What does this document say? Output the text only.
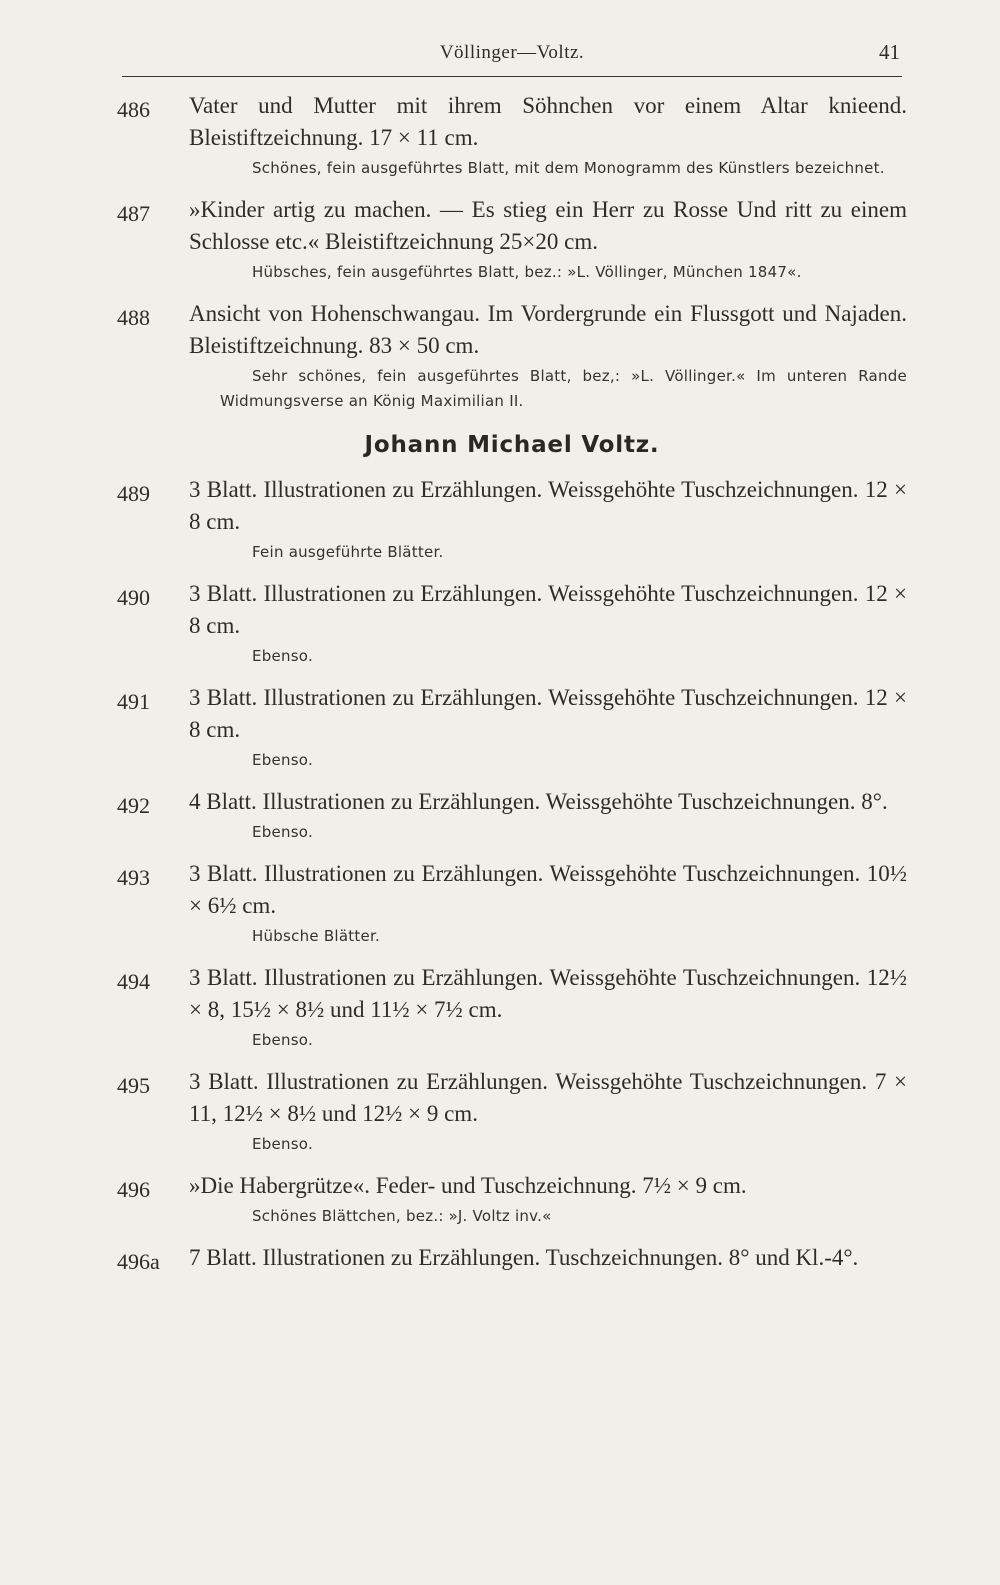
Völlinger—Voltz.	41
486	Vater und Mutter mit ihrem Söhnchen vor einem Altar knieend. Bleistiftzeichnung. 17 × 11 cm.
Schönes, fein ausgeführtes Blatt, mit dem Monogramm des Künstlers bezeichnet.
487	»Kinder artig zu machen. — Es stieg ein Herr zu Rosse Und ritt zu einem Schlosse etc.« Bleistiftzeichnung 25×20 cm.
Hübsches, fein ausgeführtes Blatt, bez.: »L. Völlinger, München 1847«.
488	Ansicht von Hohenschwangau. Im Vordergrunde ein Flussgott und Najaden. Bleistiftzeichnung. 83 × 50 cm.
Sehr schönes, fein ausgeführtes Blatt, bez,: »L. Völlinger.« Im unteren Rande Widmungsverse an König Maximilian II.
Johann Michael Voltz.
489	3 Blatt. Illustrationen zu Erzählungen. Weissgehöhte Tuschzeichnungen. 12 × 8 cm.
Fein ausgeführte Blätter.
490	3 Blatt. Illustrationen zu Erzählungen. Weissgehöhte Tuschzeichnungen. 12 × 8 cm.
Ebenso.
491	3 Blatt. Illustrationen zu Erzählungen. Weissgehöhte Tuschzeichnungen. 12 × 8 cm.
Ebenso.
492	4 Blatt. Illustrationen zu Erzählungen. Weissgehöhte Tuschzeichnungen. 8°.
Ebenso.
493	3 Blatt. Illustrationen zu Erzählungen. Weissgehöhte Tuschzeichnungen. 10½ × 6½ cm.
Hübsche Blätter.
494	3 Blatt. Illustrationen zu Erzählungen. Weissgehöhte Tuschzeichnungen. 12½ × 8, 15½ × 8½ und 11½ × 7½ cm.
Ebenso.
495	3 Blatt. Illustrationen zu Erzählungen. Weissgehöhte Tuschzeichnungen. 7 × 11, 12½ × 8½ und 12½ × 9 cm.
Ebenso.
496	»Die Habergrütze«. Feder- und Tuschzeichnung. 7½ × 9 cm.
Schönes Blättchen, bez.: »J. Voltz inv.«
496a	7 Blatt. Illustrationen zu Erzählungen. Tuschzeichnungen. 8° und Kl.-4°.
